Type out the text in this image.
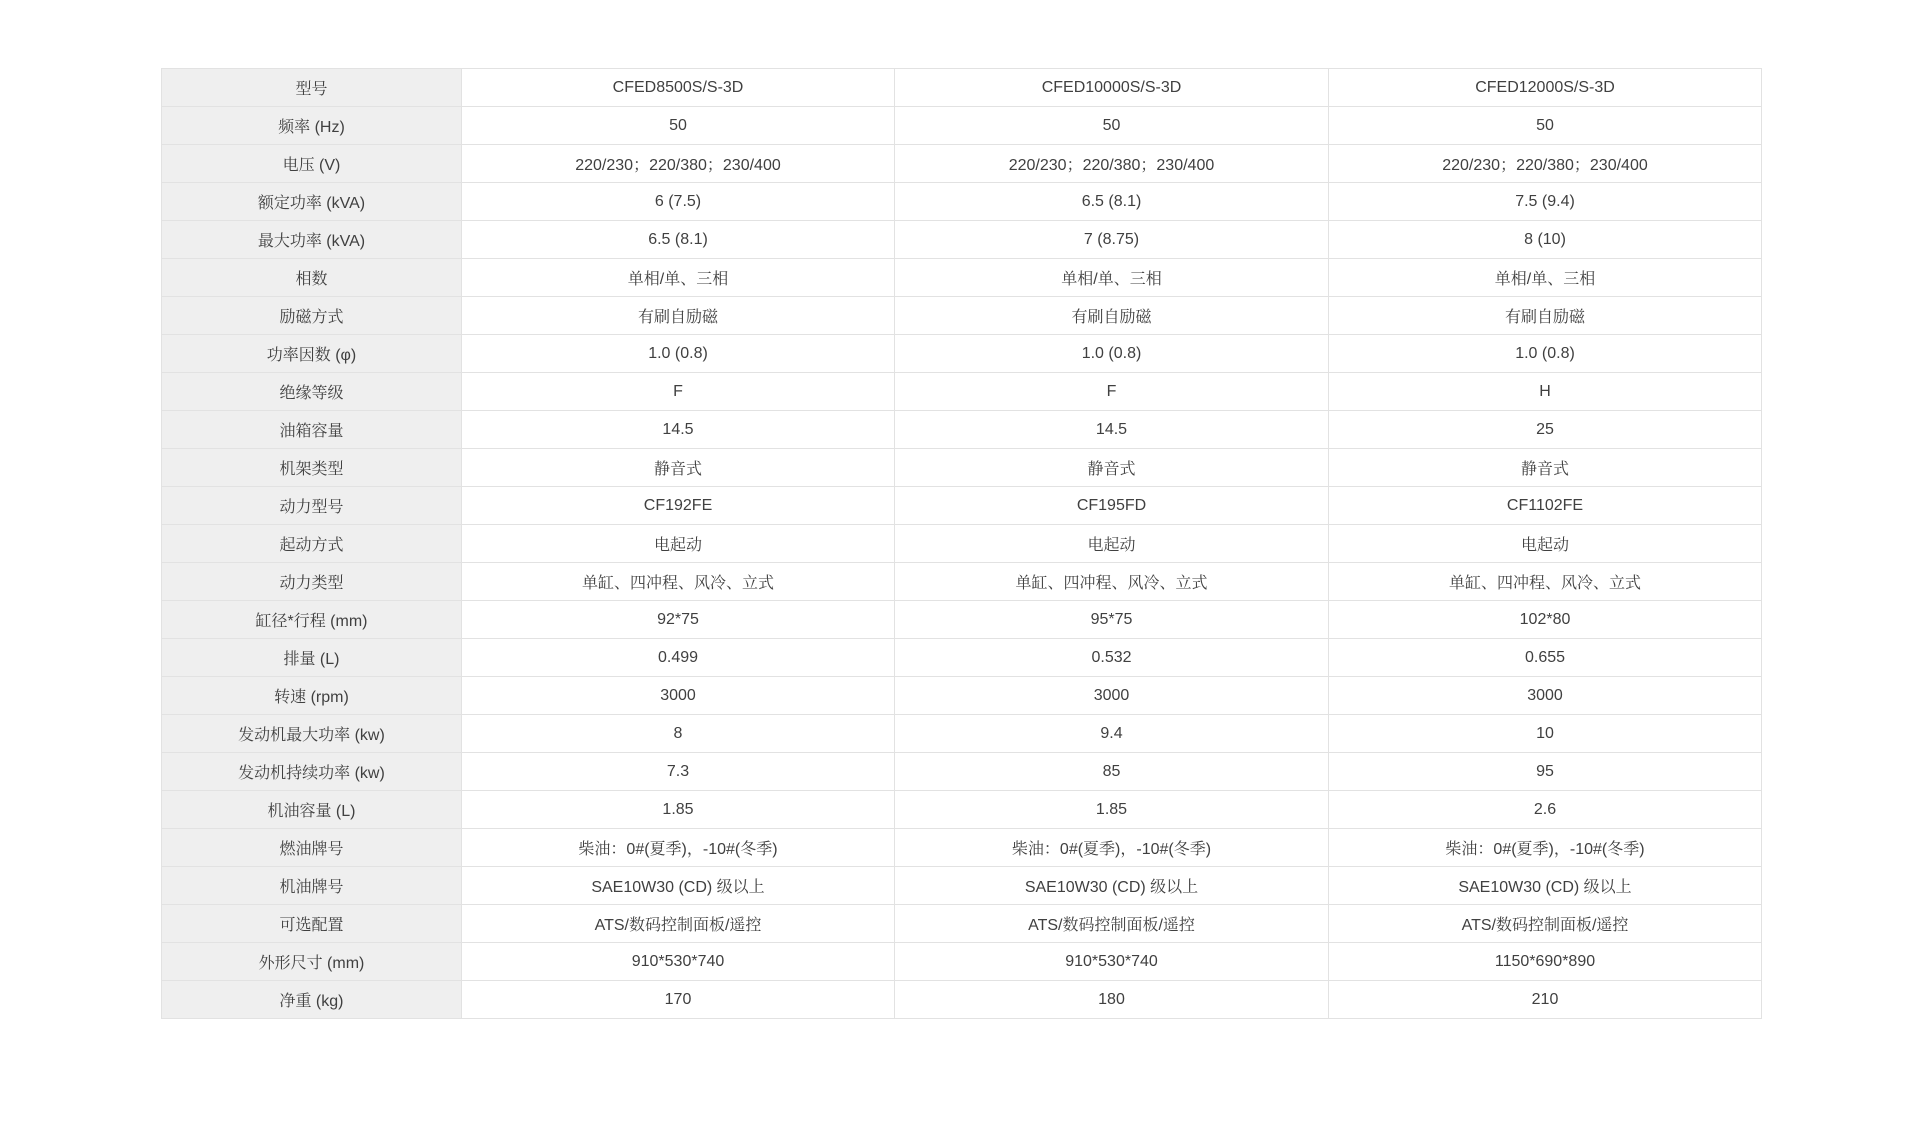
型号	CFED8500S/S-3D	CFED10000S/S-3D	CFED12000S/S-3D
频率 (Hz)	50	50	50
电压 (V)	220/230；220/380；230/400	220/230；220/380；230/400	220/230；220/380；230/400
额定功率 (kVA)	6 (7.5)	6.5 (8.1)	7.5 (9.4)
最大功率 (kVA)	6.5 (8.1)	7 (8.75)	8 (10)
相数	单相/单、三相	单相/单、三相	单相/单、三相
励磁方式	有刷自励磁	有刷自励磁	有刷自励磁
功率因数 (φ)	1.0 (0.8)	1.0 (0.8)	1.0 (0.8)
绝缘等级	F	F	H
油箱容量	14.5	14.5	25
机架类型	静音式	静音式	静音式
动力型号	CF192FE	CF195FD	CF1102FE
起动方式	电起动	电起动	电起动
动力类型	单缸、四冲程、风冷、立式	单缸、四冲程、风冷、立式	单缸、四冲程、风冷、立式
缸径*行程 (mm)	92*75	95*75	102*80
排量 (L)	0.499	0.532	0.655
转速 (rpm)	3000	3000	3000
发动机最大功率 (kw)	8	9.4	10
发动机持续功率 (kw)	7.3	85	95
机油容量 (L)	1.85	1.85	2.6
燃油牌号	柴油：0#(夏季)，-10#(冬季)	柴油：0#(夏季)，-10#(冬季)	柴油：0#(夏季)，-10#(冬季)
机油牌号	SAE10W30 (CD) 级以上	SAE10W30 (CD) 级以上	SAE10W30 (CD) 级以上
可选配置	ATS/数码控制面板/遥控	ATS/数码控制面板/遥控	ATS/数码控制面板/遥控
外形尺寸 (mm)	910*530*740	910*530*740	1150*690*890
净重 (kg)	170	180	210
